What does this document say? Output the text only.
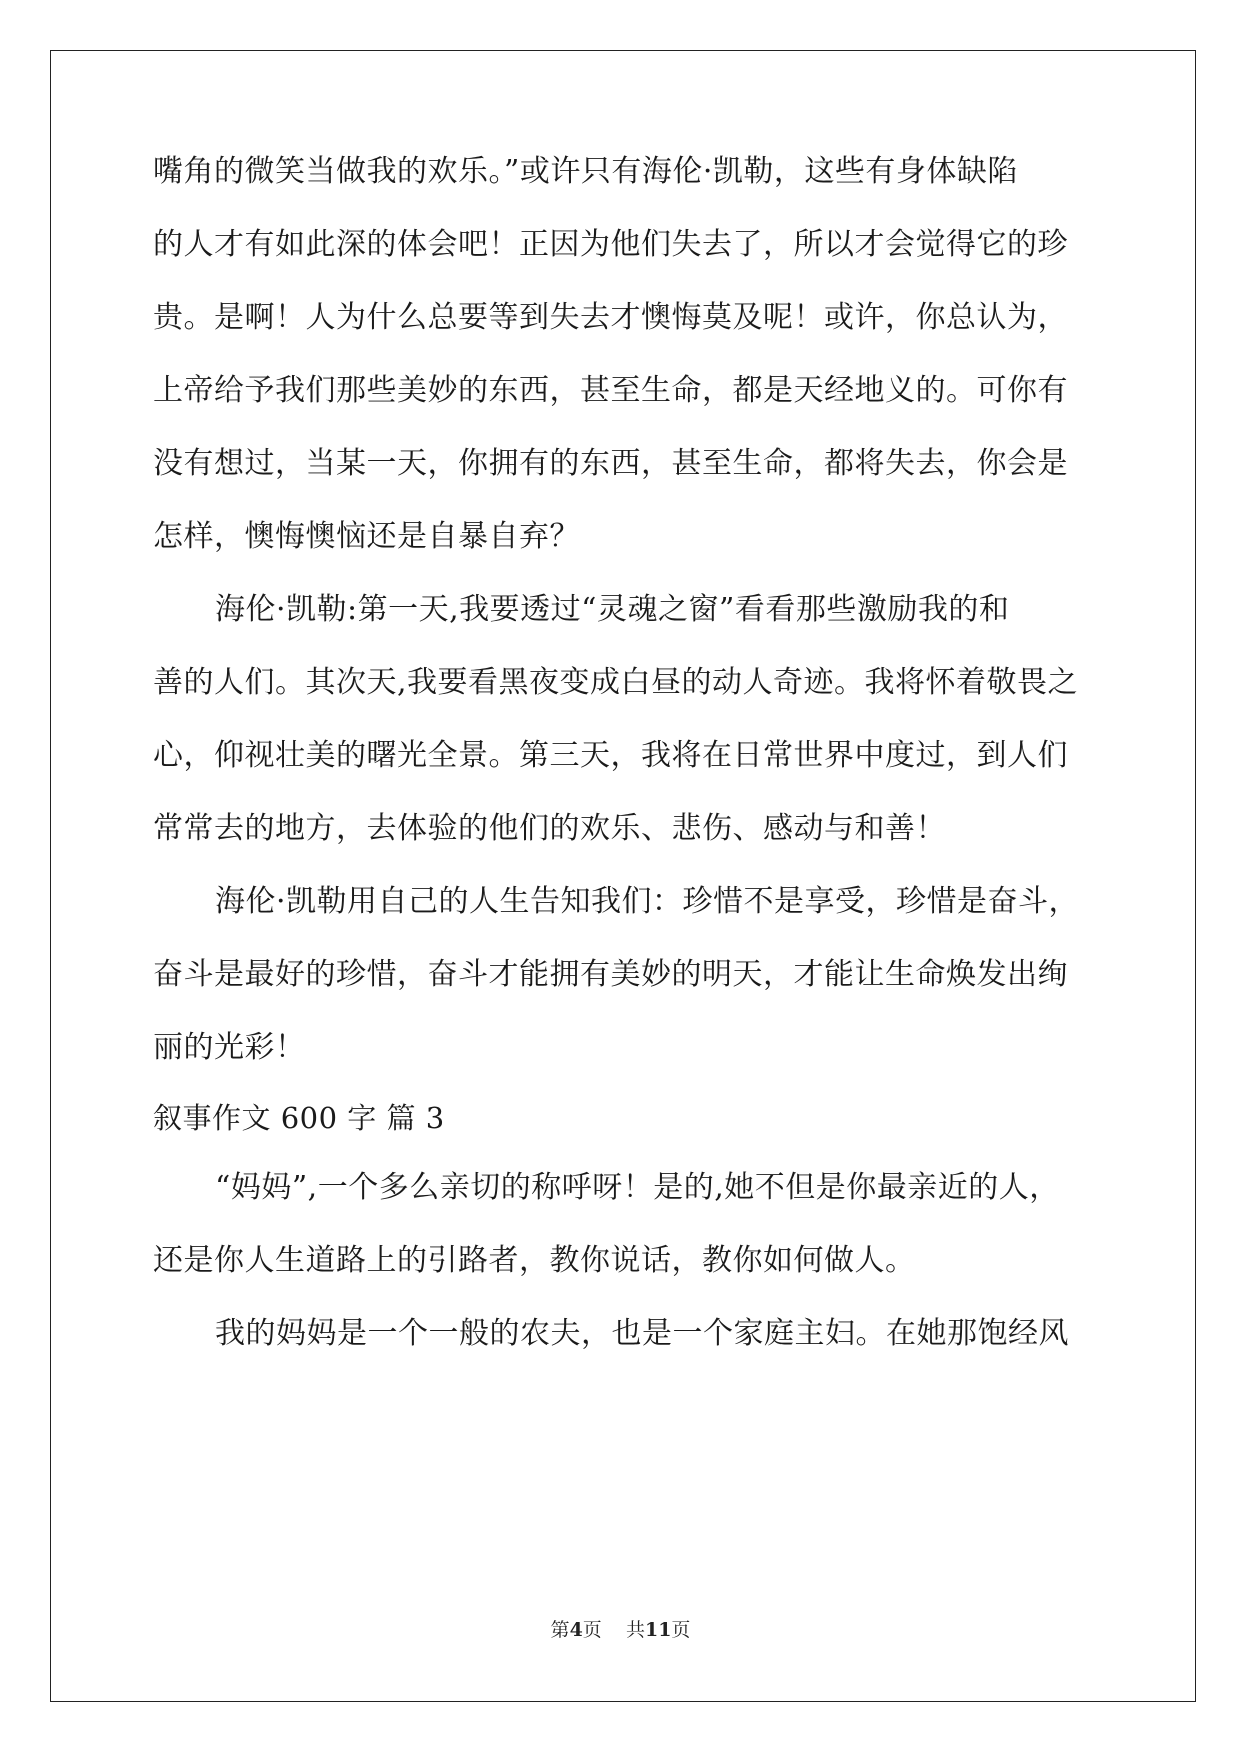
嘴角的微笑当做我的欢乐。”或许只有海伦·凯勒，这些有身体缺陷
的人才有如此深的体会吧！正因为他们失去了，所以才会觉得它的珍
贵。是啊！人为什么总要等到失去才懊悔莫及呢！或许，你总认为，
上帝给予我们那些美妙的东西，甚至生命，都是天经地义的。可你有
没有想过，当某一天，你拥有的东西，甚至生命，都将失去，你会是
怎样，懊悔懊恼还是自暴自弃？
海伦·凯勒:第一天,我要透过“灵魂之窗”看看那些激励我的和
善的人们。其次天,我要看黑夜变成白昼的动人奇迹。我将怀着敬畏之
心，仰视壮美的曙光全景。第三天，我将在日常世界中度过，到人们
常常去的地方，去体验的他们的欢乐、悲伤、感动与和善！
海伦·凯勒用自己的人生告知我们：珍惜不是享受，珍惜是奋斗，
奋斗是最好的珍惜，奋斗才能拥有美妙的明天，才能让生命焕发出绚
丽的光彩！
叙事作文 600 字 篇 3
“妈妈”,一个多么亲切的称呼呀！是的,她不但是你最亲近的人，
还是你人生道路上的引路者，教你说话，教你如何做人。
我的妈妈是一个一般的农夫，也是一个家庭主妇。在她那饱经风
第4页    共11页
